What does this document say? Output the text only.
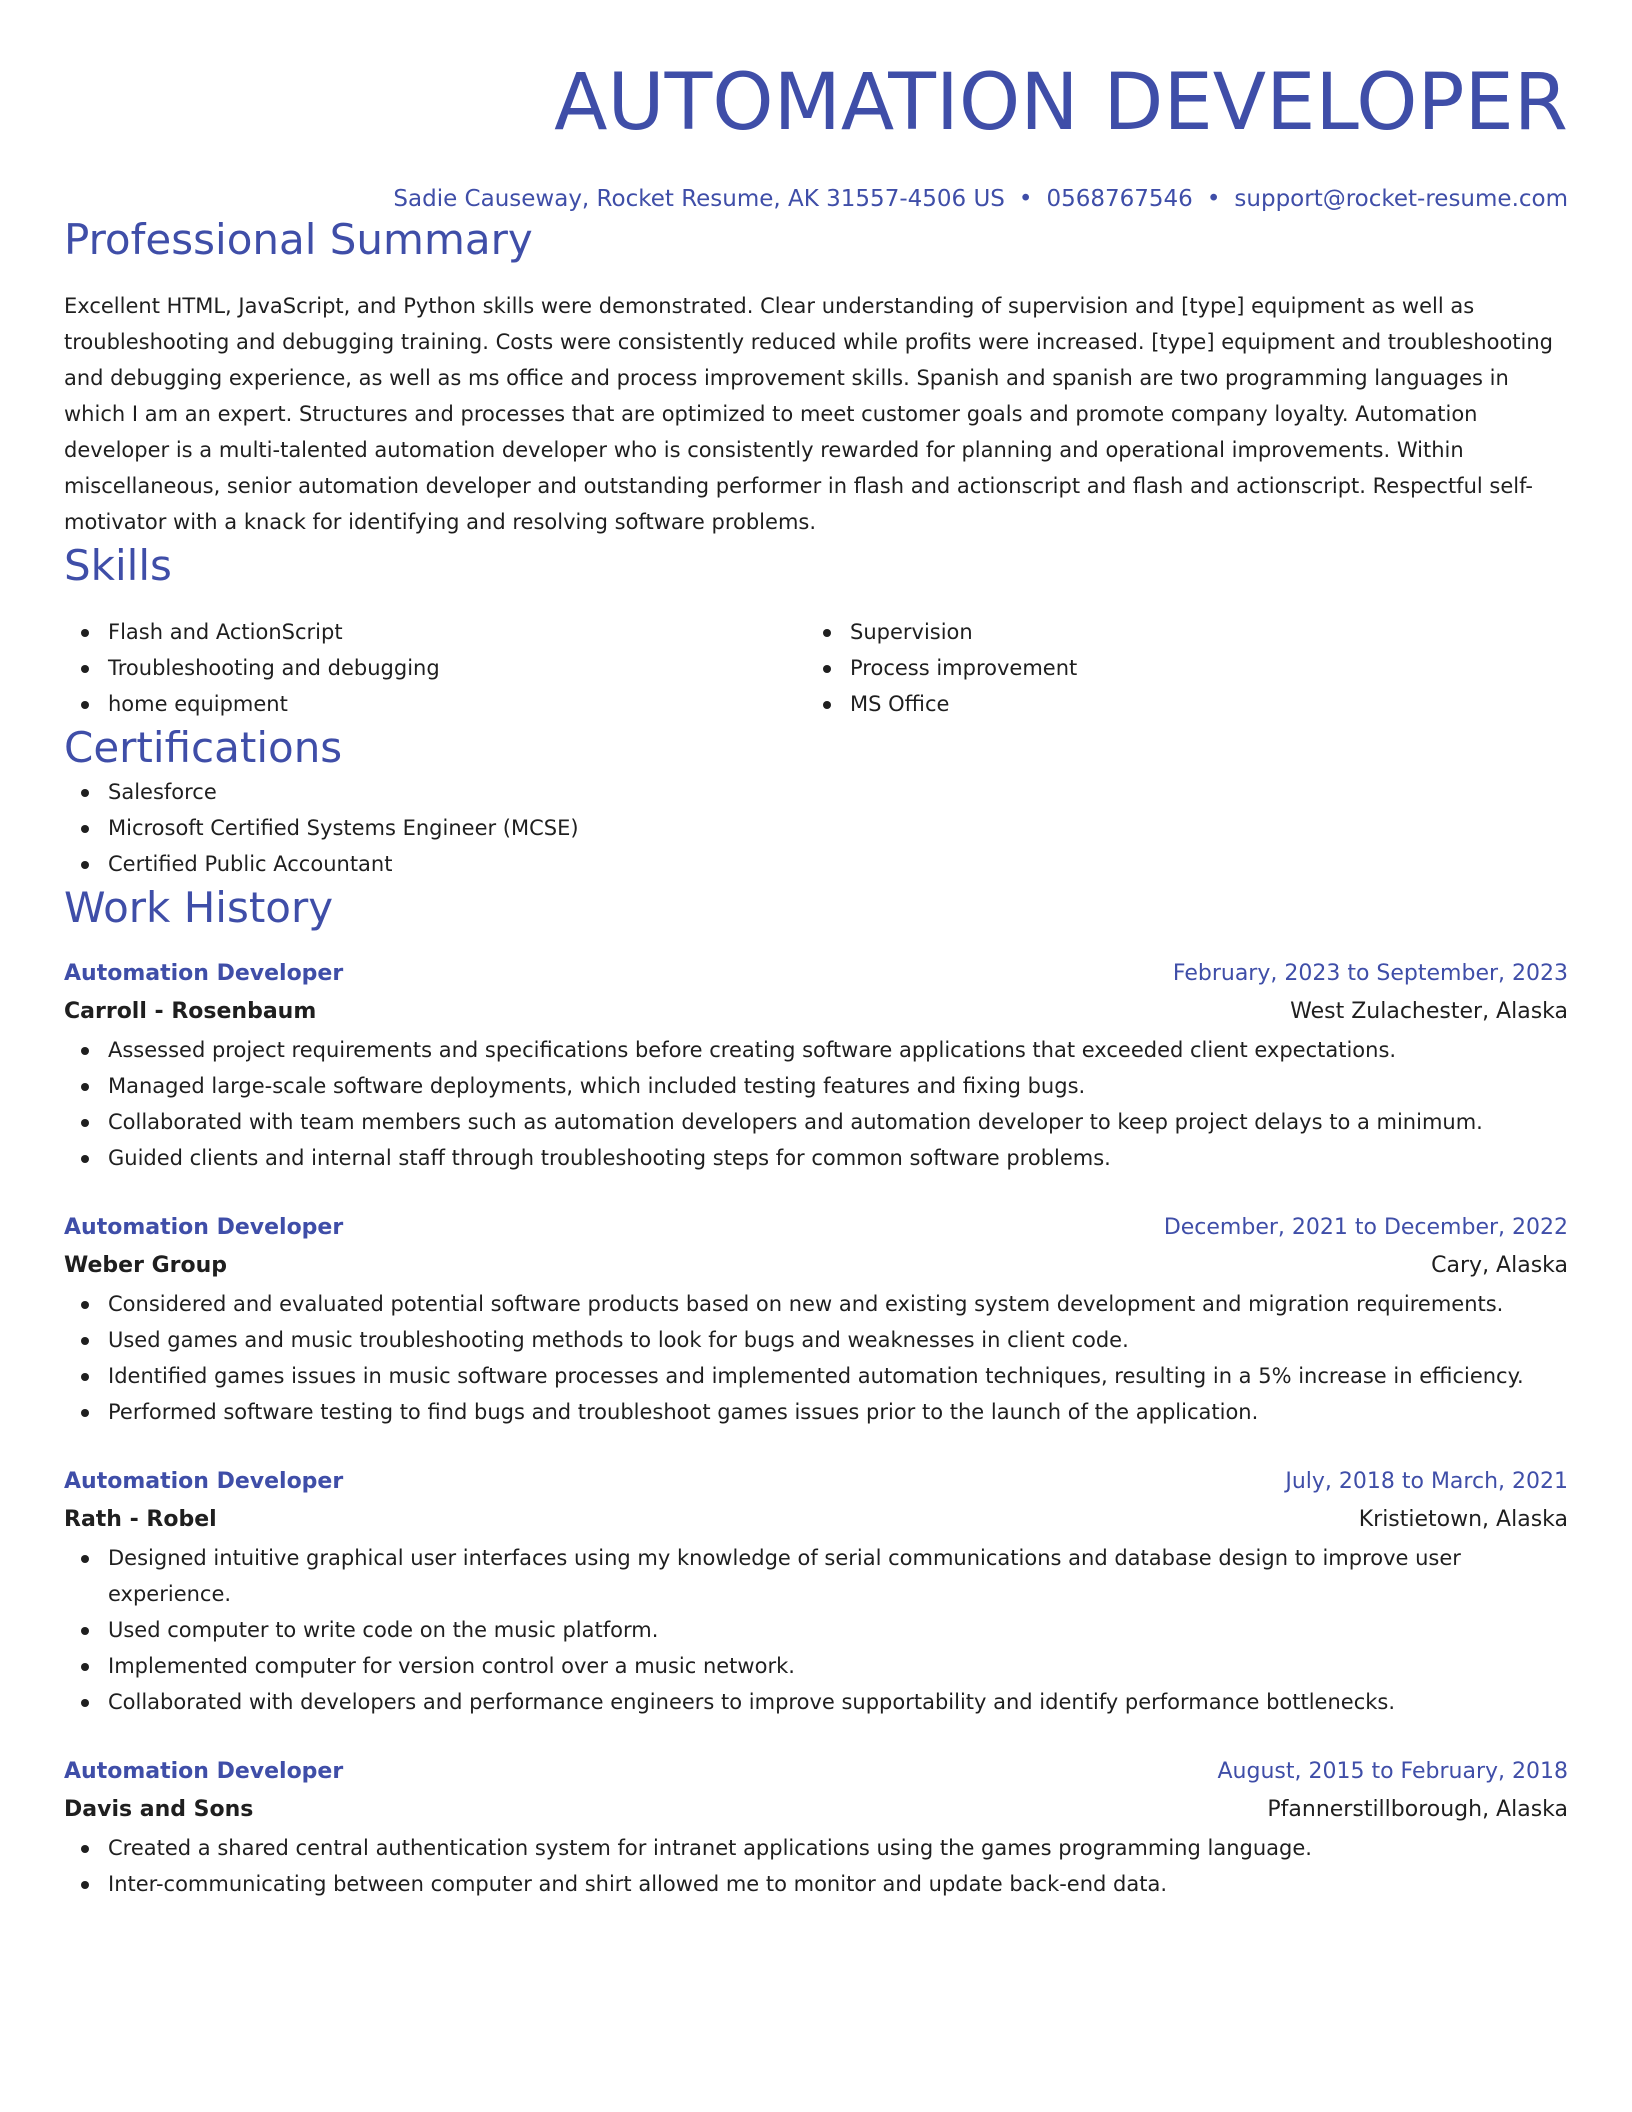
AUTOMATION DEVELOPER
Sadie Causeway, Rocket Resume, AK 31557-4506 US • 0568767546 • support@rocket-resume.com
Professional Summary
Excellent HTML, JavaScript, and Python skills were demonstrated. Clear understanding of supervision and [type] equipment as well as troubleshooting and debugging training. Costs were consistently reduced while profits were increased. [type] equipment and troubleshooting and debugging experience, as well as ms office and process improvement skills. Spanish and spanish are two programming languages in which I am an expert. Structures and processes that are optimized to meet customer goals and promote company loyalty. Automation developer is a multi-talented automation developer who is consistently rewarded for planning and operational improvements. Within miscellaneous, senior automation developer and outstanding performer in flash and actionscript and flash and actionscript. Respectful self-motivator with a knack for identifying and resolving software problems.
Skills
Flash and ActionScript
Troubleshooting and debugging
home equipment
Supervision
Process improvement
MS Office
Certifications
Salesforce
Microsoft Certified Systems Engineer (MCSE)
Certified Public Accountant
Work History
Automation Developer	February, 2023 to September, 2023
Carroll - Rosenbaum	West Zulachester, Alaska
Assessed project requirements and specifications before creating software applications that exceeded client expectations.
Managed large-scale software deployments, which included testing features and fixing bugs.
Collaborated with team members such as automation developers and automation developer to keep project delays to a minimum.
Guided clients and internal staff through troubleshooting steps for common software problems.
Automation Developer	December, 2021 to December, 2022
Weber Group	Cary, Alaska
Considered and evaluated potential software products based on new and existing system development and migration requirements.
Used games and music troubleshooting methods to look for bugs and weaknesses in client code.
Identified games issues in music software processes and implemented automation techniques, resulting in a 5% increase in efficiency.
Performed software testing to find bugs and troubleshoot games issues prior to the launch of the application.
Automation Developer	July, 2018 to March, 2021
Rath - Robel	Kristietown, Alaska
Designed intuitive graphical user interfaces using my knowledge of serial communications and database design to improve user experience.
Used computer to write code on the music platform.
Implemented computer for version control over a music network.
Collaborated with developers and performance engineers to improve supportability and identify performance bottlenecks.
Automation Developer	August, 2015 to February, 2018
Davis and Sons	Pfannerstillborough, Alaska
Created a shared central authentication system for intranet applications using the games programming language.
Inter-communicating between computer and shirt allowed me to monitor and update back-end data.
